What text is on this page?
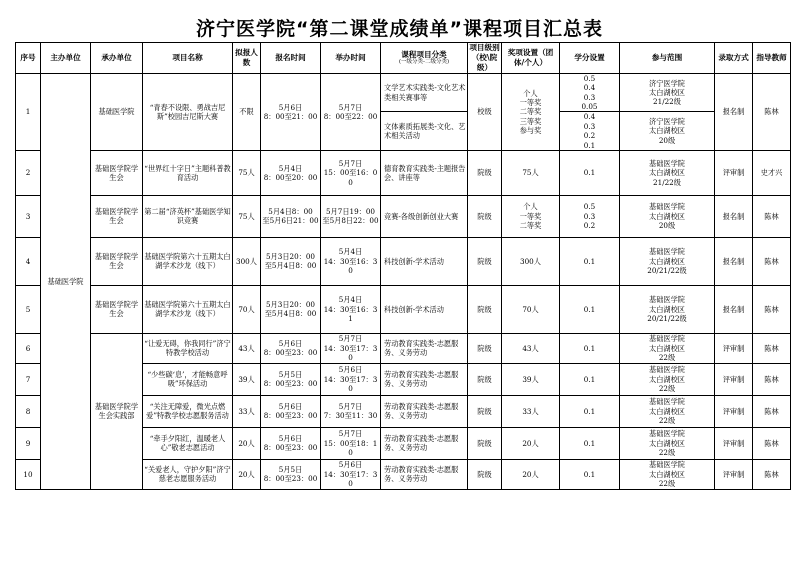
济宁医学院“第二课堂成绩单”课程项目汇总表
序号	主办单位	承办单位	项目名称	拟报人数	报名时间	举办时间	课程项目分类
(一级分类-二级分类)	项目级别（校\院级）	奖项设置（团体/个人）	学分设置	参与范围	录取方式	指导教师
1	基础医学院	基础医学院	“青春不设限、勇战吉尼斯”校园吉尼斯大赛	不限	5月6日
8：00至21：00	5月7日
8：00至22：00	文学艺术实践类-文化艺术类相关赛事等	校级	个人
一等奖
二等奖
三等奖
参与奖	0.5
0.4
0.3
0.05	济宁医学院
太白湖校区
21/22级	报名制	陈林
							文体素质拓展类-文化、艺术相关活动			0.4
0.3
0.2
0.1	济宁医学院
太白湖校区
20级		

2		基础医学院学生会	“世界红十字日”主题科普教育活动	75人	5月4日
8：00至20：00	5月7日
15：00至16：00	德育教育实践类-主题报告会、讲座等	院级	75人	0.1	基础医学院
太白湖校区
21/22级	评审制	史才兴
3		基础医学院学生会	第二届“济英杯”基础医学知识竞赛	75人	5月4日8：00
至5月6日21：00	5月7日19：00
至5月8日22：00	竞赛-各级创新创业大赛	院级	个人
一等奖
二等奖	0.5
0.3
0.2	基础医学院
太白湖校区
20级	报名制	陈林
4		基础医学院学生会	基础医学院第六十五期太白湖学术沙龙（线下）	300人	5月3日20：00
至5月4日8：00	5月4日
14：30至16：30	科技创新-学术活动	院级	300人	0.1	基础医学院
太白湖校区
20/21/22级	报名制	陈林
5		基础医学院学生会	基础医学院第六十五期太白湖学术沙龙（线下）	70人	5月3日20：00
至5月4日8：00	5月4日
14：30至16：31	科技创新-学术活动	院级	70人	0.1	基础医学院
太白湖校区
20/21/22级	报名制	陈林
6		基础医学院学生会实践部	“让爱无碍，你我同行”济宁特教学校活动	43人	5月6日
8：00至23：00	5月7日
14：30至17：30	劳动教育实践类-志愿服务、义务劳动	院级	43人	0.1	基础医学院
太白湖校区
22级	评审制	陈林
7			“少些碳‘息’，才能畅意呼吸”环保活动	39人	5月5日
8：00至23：00	5月6日
14：30至17：30	劳动教育实践类-志愿服务、义务劳动	院级	39人	0.1	基础医学院
太白湖校区
22级	评审制	陈林
8			“关注无障爱，微光点燃爱”特教学校志愿服务活动	33人	5月6日
8：00至23：00	5月7日
7：30至11：30	劳动教育实践类-志愿服务、义务劳动	院级	33人	0.1	基础医学院
太白湖校区
22级	评审制	陈林
9			“牵手夕阳红，温暖老人心”敬老志愿活动	20人	5月6日
8：00至23：00	5月7日
15：00至18：10	劳动教育实践类-志愿服务、义务劳动	院级	20人	0.1	基础医学院
太白湖校区
22级	评审制	陈林
10			“关爱老人，守护夕阳”济宁慈老志愿服务活动	20人	5月5日
8：00至23：00	5月6日
14：30至17：30	劳动教育实践类-志愿服务、义务劳动	院级	20人	0.1	基础医学院
太白湖校区
22级	评审制	陈林
